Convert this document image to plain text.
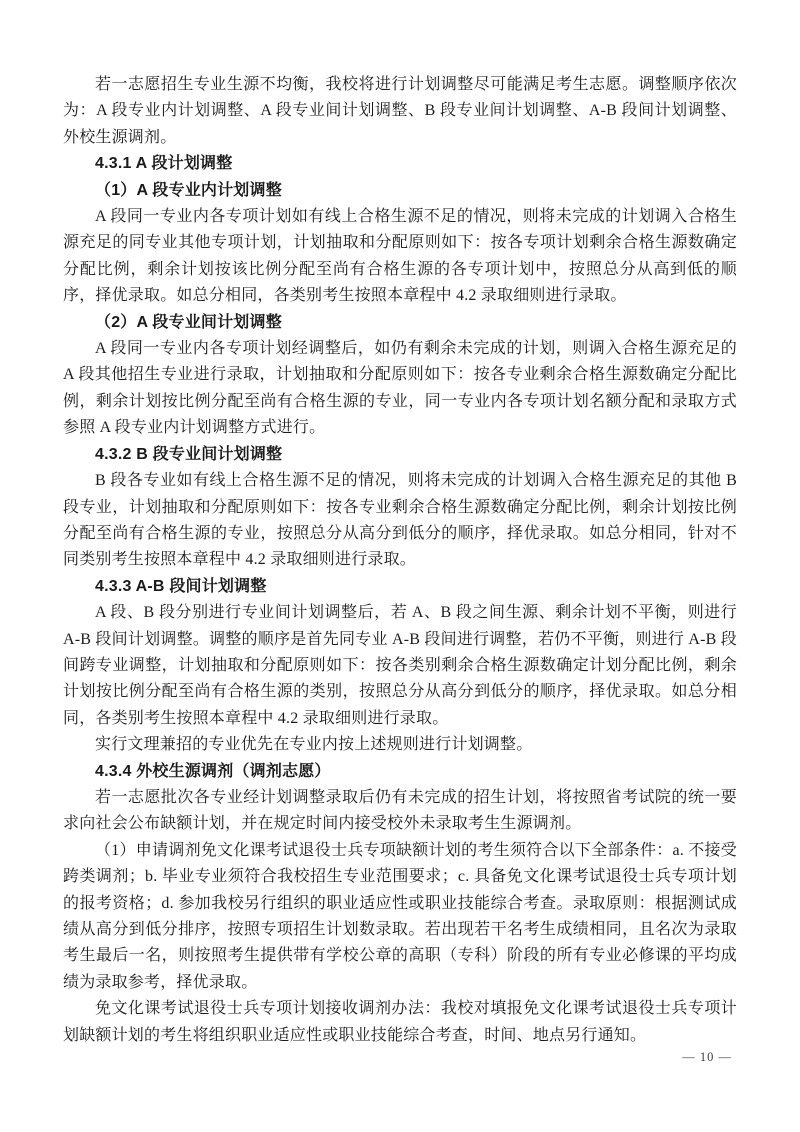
若一志愿招生专业生源不均衡，我校将进行计划调整尽可能满足考生志愿。调整顺序依次为：A 段专业内计划调整、A 段专业间计划调整、B 段专业间计划调整、A-B 段间计划调整、外校生源调剂。

4.3.1 A 段计划调整

（1）A 段专业内计划调整

A 段同一专业内各专项计划如有线上合格生源不足的情况，则将未完成的计划调入合格生源充足的同专业其他专项计划，计划抽取和分配原则如下：按各专项计划剩余合格生源数确定分配比例，剩余计划按该比例分配至尚有合格生源的各专项计划中，按照总分从高到低的顺序，择优录取。如总分相同，各类别考生按照本章程中 4.2 录取细则进行录取。

（2）A 段专业间计划调整

A 段同一专业内各专项计划经调整后，如仍有剩余未完成的计划，则调入合格生源充足的 A 段其他招生专业进行录取，计划抽取和分配原则如下：按各专业剩余合格生源数确定分配比例，剩余计划按比例分配至尚有合格生源的专业，同一专业内各专项计划名额分配和录取方式参照 A 段专业内计划调整方式进行。

4.3.2 B 段专业间计划调整

B 段各专业如有线上合格生源不足的情况，则将未完成的计划调入合格生源充足的其他 B 段专业，计划抽取和分配原则如下：按各专业剩余合格生源数确定分配比例，剩余计划按比例分配至尚有合格生源的专业，按照总分从高分到低分的顺序，择优录取。如总分相同，针对不同类别考生按照本章程中 4.2 录取细则进行录取。

4.3.3 A-B 段间计划调整

A 段、B 段分别进行专业间计划调整后，若 A、B 段之间生源、剩余计划不平衡，则进行 A-B 段间计划调整。调整的顺序是首先同专业 A-B 段间进行调整，若仍不平衡，则进行 A-B 段间跨专业调整，计划抽取和分配原则如下：按各类别剩余合格生源数确定计划分配比例，剩余计划按比例分配至尚有合格生源的类别，按照总分从高分到低分的顺序，择优录取。如总分相同，各类别考生按照本章程中 4.2 录取细则进行录取。

实行文理兼招的专业优先在专业内按上述规则进行计划调整。

4.3.4 外校生源调剂（调剂志愿）

若一志愿批次各专业经计划调整录取后仍有未完成的招生计划，将按照省考试院的统一要求向社会公布缺额计划，并在规定时间内接受校外未录取考生生源调剂。

（1）申请调剂免文化课考试退役士兵专项缺额计划的考生须符合以下全部条件：a. 不接受跨类调剂；b. 毕业专业须符合我校招生专业范围要求；c. 具备免文化课考试退役士兵专项计划的报考资格；d. 参加我校另行组织的职业适应性或职业技能综合考查。录取原则：根据测试成绩从高分到低分排序，按照专项招生计划数录取。若出现若干名考生成绩相同，且名次为录取考生最后一名，则按照考生提供带有学校公章的高职（专科）阶段的所有专业必修课的平均成绩为录取参考，择优录取。

免文化课考试退役士兵专项计划接收调剂办法：我校对填报免文化课考试退役士兵专项计划缺额计划的考生将组织职业适应性或职业技能综合考查，时间、地点另行通知。

— 10 —
